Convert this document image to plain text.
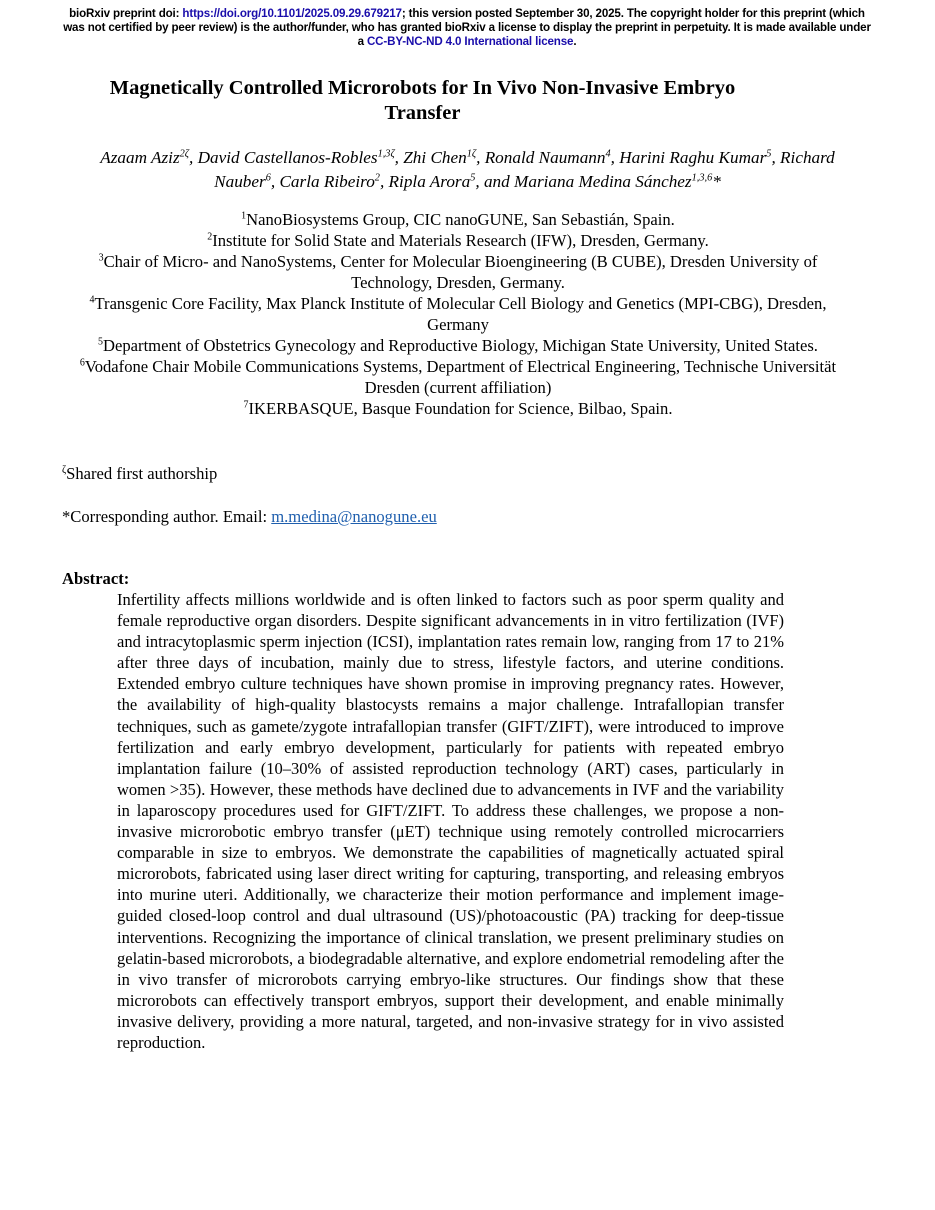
bioRxiv preprint doi: https://doi.org/10.1101/2025.09.29.679217; this version posted September 30, 2025. The copyright holder for this preprint (which was not certified by peer review) is the author/funder, who has granted bioRxiv a license to display the preprint in perpetuity. It is made available under a CC-BY-NC-ND 4.0 International license.
Magnetically Controlled Microrobots for In Vivo Non-Invasive Embryo Transfer
Azaam Aziz$^{2\zeta}$, David Castellanos-Robles$^{1,3\zeta}$, Zhi Chen$^{1\zeta}$, Ronald Naumann$^4$, Harini Raghu Kumar$^5$, Richard Nauber$^6$, Carla Ribeiro$^2$, Ripla Arora$^5$, and Mariana Medina Sánchez$^{1,3,6}$*
$^1$NanoBiosystems Group, CIC nanoGUNE, San Sebastián, Spain.
$^2$Institute for Solid State and Materials Research (IFW), Dresden, Germany.
$^3$Chair of Micro- and NanoSystems, Center for Molecular Bioengineering (B CUBE), Dresden University of Technology, Dresden, Germany.
$^4$Transgenic Core Facility, Max Planck Institute of Molecular Cell Biology and Genetics (MPI-CBG), Dresden, Germany
$^5$Department of Obstetrics Gynecology and Reproductive Biology, Michigan State University, United States.
$^6$Vodafone Chair Mobile Communications Systems, Department of Electrical Engineering, Technische Universität Dresden (current affiliation)
$^7$IKERBASQUE, Basque Foundation for Science, Bilbao, Spain.
$^\zeta$Shared first authorship
*Corresponding author. Email: m.medina@nanogune.eu
Abstract:

Infertility affects millions worldwide and is often linked to factors such as poor sperm quality and female reproductive organ disorders. Despite significant advancements in in vitro fertilization (IVF) and intracytoplasmic sperm injection (ICSI), implantation rates remain low, ranging from 17 to 21% after three days of incubation, mainly due to stress, lifestyle factors, and uterine conditions. Extended embryo culture techniques have shown promise in improving pregnancy rates. However, the availability of high-quality blastocysts remains a major challenge. Intrafallopian transfer techniques, such as gamete/zygote intrafallopian transfer (GIFT/ZIFT), were introduced to improve fertilization and early embryo development, particularly for patients with repeated embryo implantation failure (10–30% of assisted reproduction technology (ART) cases, particularly in women >35). However, these methods have declined due to advancements in IVF and the variability in laparoscopy procedures used for GIFT/ZIFT. To address these challenges, we propose a non-invasive microrobotic embryo transfer (μET) technique using remotely controlled microcarriers comparable in size to embryos. We demonstrate the capabilities of magnetically actuated spiral microrobots, fabricated using laser direct writing for capturing, transporting, and releasing embryos into murine uteri. Additionally, we characterize their motion performance and implement image-guided closed-loop control and dual ultrasound (US)/photoacoustic (PA) tracking for deep-tissue interventions. Recognizing the importance of clinical translation, we present preliminary studies on gelatin-based microrobots, a biodegradable alternative, and explore endometrial remodeling after the in vivo transfer of microrobots carrying embryo-like structures. Our findings show that these microrobots can effectively transport embryos, support their development, and enable minimally invasive delivery, providing a more natural, targeted, and non-invasive strategy for in vivo assisted reproduction.
